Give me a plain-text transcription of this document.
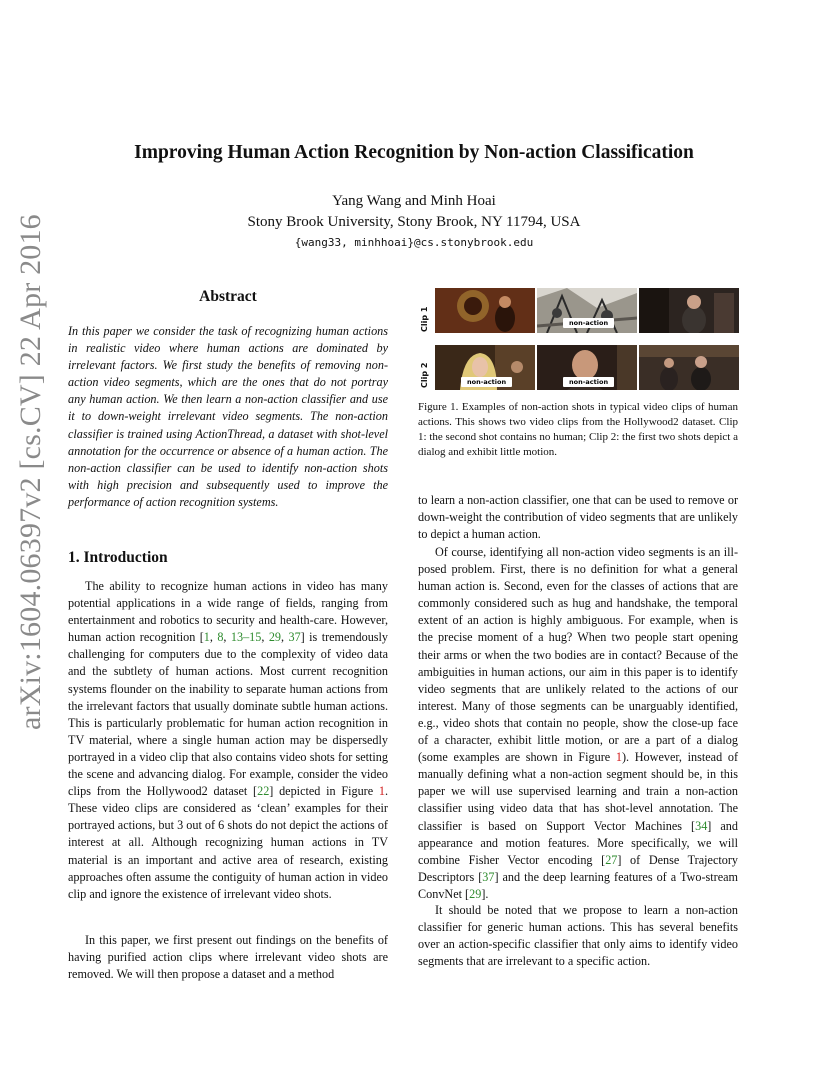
arXiv:1604.06397v2 [cs.CV] 22 Apr 2016
Improving Human Action Recognition by Non-action Classification
Yang Wang and Minh Hoai
Stony Brook University, Stony Brook, NY 11794, USA
{wang33, minhhoai}@cs.stonybrook.edu
Abstract
In this paper we consider the task of recognizing human actions in realistic video where human actions are dominated by irrelevant factors. We first study the benefits of removing non-action video segments, which are the ones that do not portray any human action. We then learn a non-action classifier and use it to down-weight irrelevant video segments. The non-action classifier is trained using ActionThread, a dataset with shot-level annotation for the occurrence or absence of a human action. The non-action classifier can be used to identify non-action shots with high precision and subsequently used to improve the performance of action recognition systems.
1. Introduction
The ability to recognize human actions in video has many potential applications in a wide range of fields, ranging from entertainment and robotics to security and health-care. However, human action recognition [1, 8, 13–15, 29, 37] is tremendously challenging for computers due to the complexity of video data and the subtlety of human actions. Most current recognition systems flounder on the inability to separate human actions from the irrelevant factors that usually dominate subtle human actions. This is particularly problematic for human action recognition in TV material, where a single human action may be dispersedly portrayed in a video clip that also contains video shots for setting the scene and advancing dialog. For example, consider the video clips from the Hollywood2 dataset [22] depicted in Figure 1. These video clips are considered as ‘clean’ examples for their portrayed actions, but 3 out of 6 shots do not depict the actions of interest at all. Although recognizing human actions in TV material is an important and active area of research, existing approaches often assume the contiguity of human action in video clip and ignore the existence of irrelevant video shots.
In this paper, we first present out findings on the benefits of having purified action clips where irrelevant video shots are removed. We will then propose a dataset and a method
Clip 1
Clip 2
non-action
non-action	non-action
Figure 1. Examples of non-action shots in typical video clips of human actions. This shows two video clips from the Hollywood2 dataset. Clip 1: the second shot contains no human; Clip 2: the first two shots depict a dialog and exhibit little motion.
to learn a non-action classifier, one that can be used to remove or down-weight the contribution of video segments that are unlikely to depict a human action.
Of course, identifying all non-action video segments is an ill-posed problem. First, there is no definition for what a general human action is. Second, even for the classes of actions that are commonly considered such as hug and handshake, the temporal extent of an action is highly ambiguous. For example, when is the precise moment of a hug? When two people start opening their arms or when the two bodies are in contact? Because of the ambiguities in human actions, our aim in this paper is to identify video segments that are unlikely related to the actions of our interest. Many of those segments can be unarguably identified, e.g., video shots that contain no people, show the close-up face of a character, exhibit little motion, or are a part of a dialog (some examples are shown in Figure 1). However, instead of manually defining what a non-action segment should be, in this paper we will use supervised learning and train a non-action classifier using video data that has shot-level annotation. The classifier is based on Support Vector Machines [34] and appearance and motion features. More specifically, we will combine Fisher Vector encoding [27] of Dense Trajectory Descriptors [37] and the deep learning features of a Two-stream ConvNet [29].
It should be noted that we propose to learn a non-action classifier for generic human actions. This has several benefits over an action-specific classifier that only aims to identify video segments that are irrelevant to a specific action.
